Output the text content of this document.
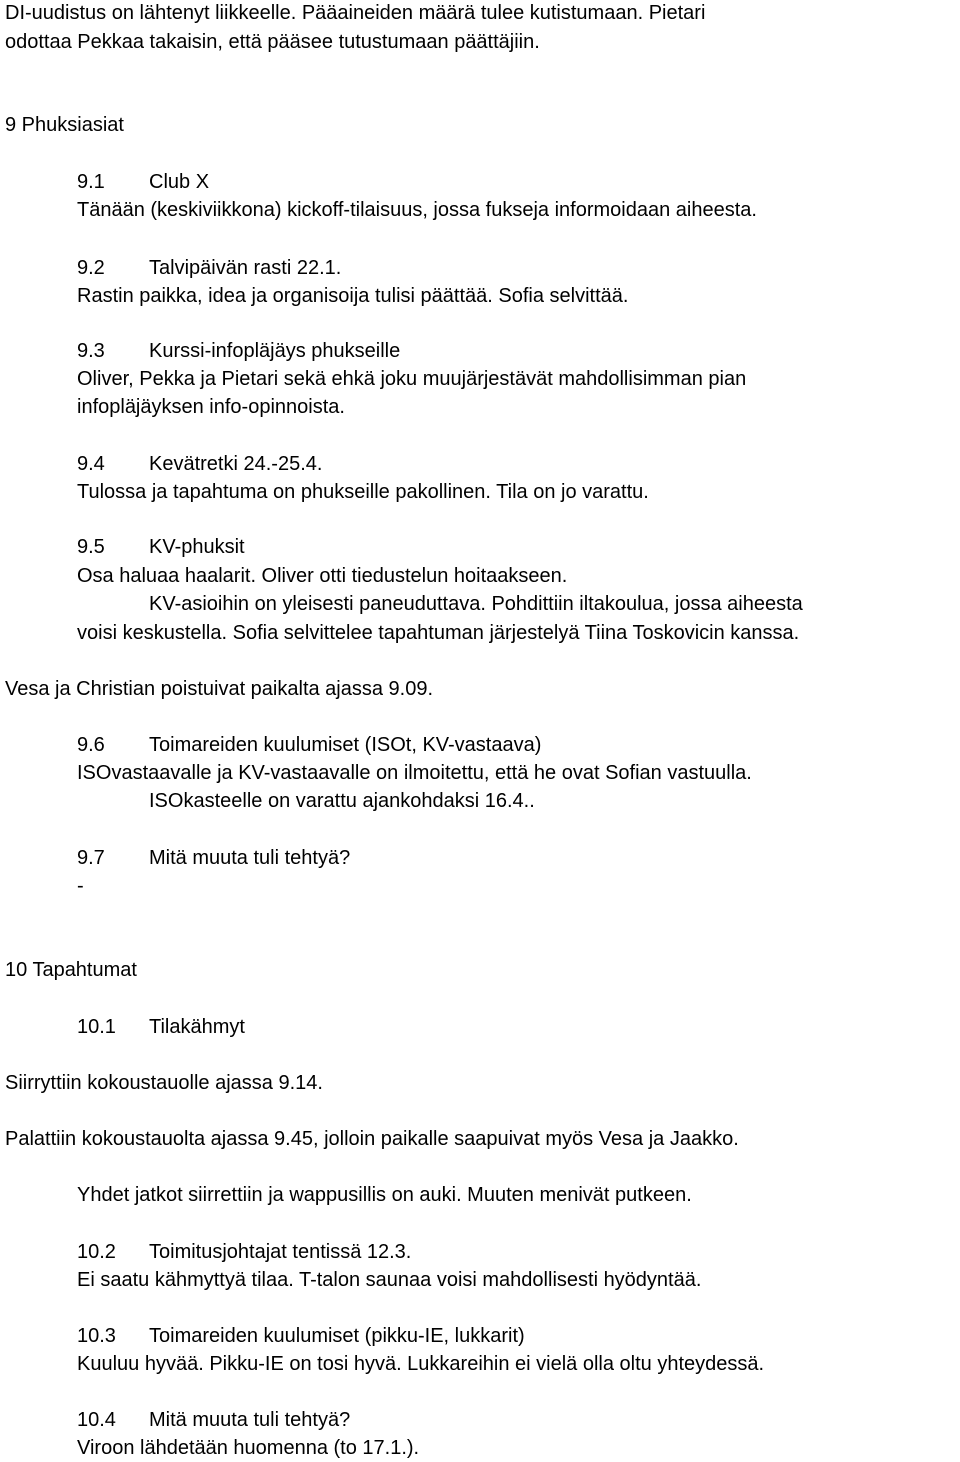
DI-uudistus on lähtenyt liikkeelle. Pääaineiden määrä tulee kutistumaan. Pietari
odottaa Pekkaa takaisin, että pääsee tutustumaan päättäjiin.
9 Phuksiasiat
9.1 Club X
Tänään (keskiviikkona) kickoff-tilaisuus, jossa fukseja informoidaan aiheesta.
9.2 Talvipäivän rasti 22.1.
Rastin paikka, idea ja organisoija tulisi päättää. Sofia selvittää.
9.3 Kurssi-infopläjäys phukseille
Oliver, Pekka ja Pietari sekä ehkä joku muujärjestävät mahdollisimman pian
infopläjäyksen info-opinnoista.
9.4 Kevätretki 24.-25.4.
Tulossa ja tapahtuma on phukseille pakollinen. Tila on jo varattu.
9.5 KV-phuksit
Osa haluaa haalarit. Oliver otti tiedustelun hoitaakseen.
KV-asioihin on yleisesti paneuduttava. Pohdittiin iltakoulua, jossa aiheesta
voisi keskustella. Sofia selvittelee tapahtuman järjestelyä Tiina Toskovicin kanssa.
Vesa ja Christian poistuivat paikalta ajassa 9.09.
9.6 Toimareiden kuulumiset (ISOt, KV-vastaava)
ISOvastaavalle ja KV-vastaavalle on ilmoitettu, että he ovat Sofian vastuulla.
ISOkasteelle on varattu ajankohdaksi 16.4..
9.7 Mitä muuta tuli tehtyä?
-
10 Tapahtumat
10.1 Tilakähmyt
Siirryttiin kokoustauolle ajassa 9.14.
Palattiin kokoustauolta ajassa 9.45, jolloin paikalle saapuivat myös Vesa ja Jaakko.
Yhdet jatkot siirrettiin ja wappusillis on auki. Muuten menivät putkeen.
10.2 Toimitusjohtajat tentissä 12.3.
Ei saatu kähmyttyä tilaa. T-talon saunaa voisi mahdollisesti hyödyntää.
10.3 Toimareiden kuulumiset (pikku-IE, lukkarit)
Kuuluu hyvää. Pikku-IE on tosi hyvä. Lukkareihin ei vielä olla oltu yhteydessä.
10.4 Mitä muuta tuli tehtyä?
Viroon lähdetään huomenna (to 17.1.).
